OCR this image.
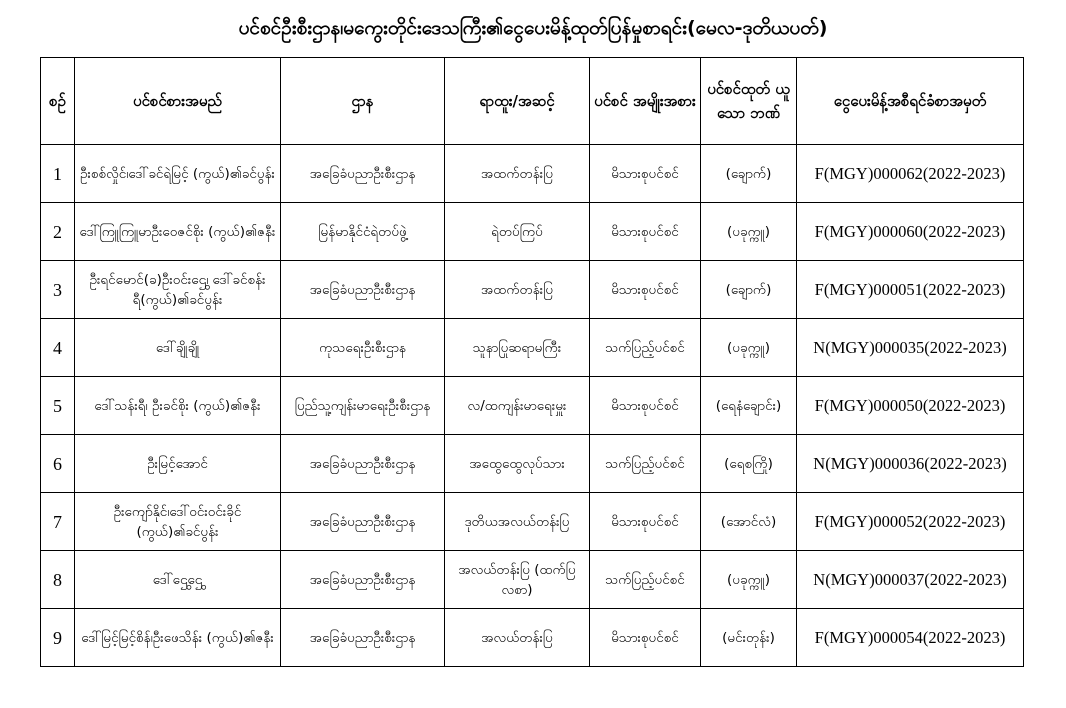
ပင်စင်ဦးစီးဌာန၊မကွေးတိုင်းဒေသကြီး၏ငွေပေးမိန့်ထုတ်ပြန်မှုစာရင်း(မေလ-ဒုတိယပတ်)
စဉ်	ပင်စင်စားအမည်	ဌာန	ရာထူး/အဆင့်	ပင်စင် အမျိုးအစား	ပင်စင်ထုတ် ယူသော ဘဏ်	ငွေပေးမိန့်အစီရင်ခံစာအမှတ်
1	ဦးစစ်လှိုင်၊ဒေါ်ခင်ရဲမြင့် (ကွယ်)၏ခင်ပွန်း	အခြေခံပညာဦးစီးဌာန	အထက်တန်းပြ	မိသားစုပင်စင်	(ချောက်)	F(MGY)000062(2022-2023)
2	ဒေါ်ကြူကြူမာဦးဝေဇင်စိုး (ကွယ်)၏ဇနီး	မြန်မာနိုင်ငံရဲတပ်ဖွဲ့	ရဲတပ်ကြပ်	မိသားစုပင်စင်	(ပခုက္ကူ)	F(MGY)000060(2022-2023)
3	ဦးရင်မောင်(ခ)ဦးဝင်းဌွေ၊ ဒေါ်ခင်စန်းရီ(ကွယ်)၏ခင်ပွန်း	အခြေခံပညာဦးစီးဌာန	အထက်တန်းပြ	မိသားစုပင်စင်	(ချောက်)	F(MGY)000051(2022-2023)
4	ဒေါ်ချိုချို	ကုသရေးဦးစီးဌာန	သူနာပြုဆရာမကြီး	သက်ပြည့်ပင်စင်	(ပခုက္ကူ)	N(MGY)000035(2022-2023)
5	ဒေါ်သန်းရီ၊ ဦးခင်စိုး (ကွယ်)၏ဇနီး	ပြည်သူ့ကျန်းမာရေးဦးစီးဌာန	လ/ထကျန်းမာရေးမှူး	မိသားစုပင်စင်	(ရေနံချောင်း)	F(MGY)000050(2022-2023)
6	ဦးမြင့်အောင်	အခြေခံပညာဦးစီးဌာန	အထွေထွေလုပ်သား	သက်ပြည့်ပင်စင်	(ရေစကြို)	N(MGY)000036(2022-2023)
7	ဦးကျော်နိုင်၊ဒေါ်ဝင်းဝင်းခိုင် (ကွယ်)၏ခင်ပွန်း	အခြေခံပညာဦးစီးဌာန	ဒုတိယအလယ်တန်းပြ	မိသားစုပင်စင်	(အောင်လံ)	F(MGY)000052(2022-2023)
8	ဒေါ်ဌွေဌွေ	အခြေခံပညာဦးစီးဌာန	အလယ်တန်းပြ (ထက်ပြလစာ)	သက်ပြည့်ပင်စင်	(ပခုက္ကူ)	N(MGY)000037(2022-2023)
9	ဒေါ်မြင့်မြင့်စိန်၊ဦးဖေသိန်း (ကွယ်)၏ဇနီး	အခြေခံပညာဦးစီးဌာန	အလယ်တန်းပြ	မိသားစုပင်စင်	(မင်းတုန်း)	F(MGY)000054(2022-2023)
